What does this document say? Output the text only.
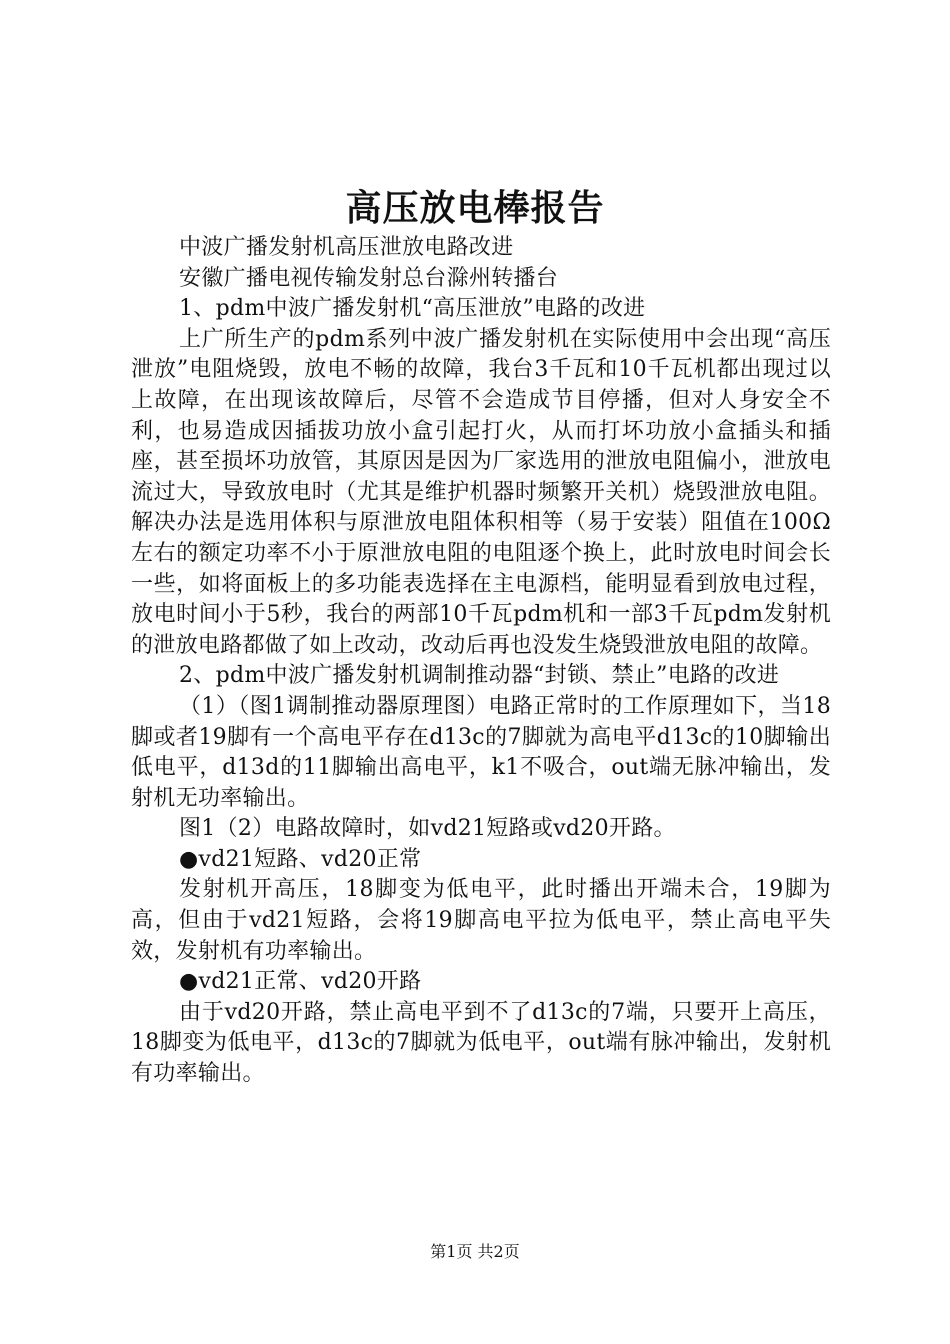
高压放电棒报告

中波广播发射机高压泄放电路改进

安徽广播电视传输发射总台滁州转播台

1、pdm中波广播发射机“高压泄放”电路的改进

上广所生产的pdm系列中波广播发射机在实际使用中会出现“高压泄放”电阻烧毁，放电不畅的故障，我台3千瓦和10千瓦机都出现过以上故障，在出现该故障后，尽管不会造成节目停播，但对人身安全不利，也易造成因插拔功放小盒引起打火，从而打坏功放小盒插头和插座，甚至损坏功放管，其原因是因为厂家选用的泄放电阻偏小，泄放电流过大，导致放电时（尤其是维护机器时频繁开关机）烧毁泄放电阻。解决办法是选用体积与原泄放电阻体积相等（易于安装）阻值在100Ω左右的额定功率不小于原泄放电阻的电阻逐个换上，此时放电时间会长一些，如将面板上的多功能表选择在主电源档，能明显看到放电过程，放电时间小于5秒，我台的两部10千瓦pdm机和一部3千瓦pdm发射机的泄放电路都做了如上改动，改动后再也没发生烧毁泄放电阻的故障。

2、pdm中波广播发射机调制推动器“封锁、禁止”电路的改进

（1）（图1调制推动器原理图）电路正常时的工作原理如下，当18脚或者19脚有一个高电平存在d13c的7脚就为高电平d13c的10脚输出低电平，d13d的11脚输出高电平，k1不吸合，out端无脉冲输出，发射机无功率输出。

图1（2）电路故障时，如vd21短路或vd20开路。

●vd21短路、vd20正常

发射机开高压，18脚变为低电平，此时播出开端未合，19脚为高，但由于vd21短路，会将19脚高电平拉为低电平，禁止高电平失效，发射机有功率输出。

●vd21正常、vd20开路

由于vd20开路，禁止高电平到不了d13c的7端，只要开上高压，18脚变为低电平，d13c的7脚就为低电平，out端有脉冲输出，发射机有功率输出。

第1页 共2页
